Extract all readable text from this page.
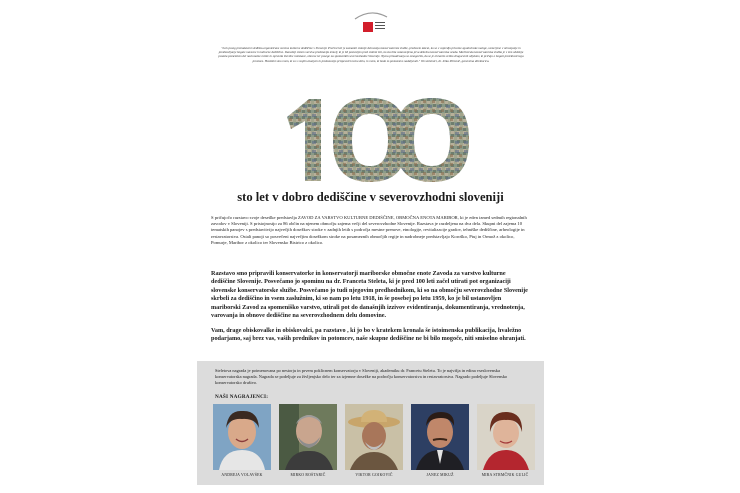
"Lets poseg premaknemi slediško-organizirane varstva kulturne dediščine v Sloveniji. Prečeni leti je zaznamil stoletje delovanja konservatorske službe, predvsem takrat, ko so v ospredju prisotne zgodovinske naloge, usmerjene v ohranjanje in predstavljanje bogate naravne in kulturne dediščine. Današnji sistem varstva predstavlja temelj, ki je bil postavljen pred stotimi leti, ko sta bila ustanovljena prva deželna konservatorska urada. Mariborska konservatorska služba je v tem obdobju postala pomemben del nacionalne mreže in opravila številne raziskave, obnove ter posege na spomenikih severovzhodne Slovenije. Njena prizadevanja so omogočila, da se je ohranilo veliko dragocenih objektov, ki pričajo o bogati preteklosti tega prostora. Hvaležni smo vsem, ki so s svojim znanjem in predanostjo prispevali k temu delu, in vsem, ki bodo to poslanstvo nadaljevali." Ob stoletnici, dr. Jelka Pirkovič, generalna direktorica.

sto let v dobro dediščine v severovzhodni sloveniji

S pričujočo razstavo svoje desetlke predstavlja ZAVOD ZA VARSTVO KULTURNE DEDIŠČINE, OBMOČNA ENOTA MARIBOR, ki je eden izmed sedmih regionalnih zavodov v Sloveniji. S pristojnostjo za 86 občin na njenem območju zajema večji del severovzhodne Slovenije. Razstava je razdeljena na dva dela. Skupni del zajema 10 tematskih panojev s predstavitvijo največjih dosežkov stroke v zadnjih letih s področja mestne prenove, etnologije, revitalizacije gradov, tehniške dediščine, arheologije in restavratorstva. Ostali panoji so posvečeni največjim dosežkom stroke na posameznih območjih regije in nadrobneje predstavljajo Koroško, Ptuj in Ormož z okolico, Pomurje, Maribor z okolico ter Slovensko Bistrico z okolico.

Razstavo smo pripravili konservatorke in konservatorji mariborske območne enote Zavoda za varstvo kulturne dediščine Slovenije. Posvečamo jo spominu na dr. Franceta Steleta, ki je pred 100 leti začel utirati pot organizaciji slovenske konservatorske službe. Posvečamo jo tudi njegovim predhodnikom, ki so na območju severovzhodne Slovenije skrbeli za dediščino in vsem zaslužnim, ki so nam po letu 1918, in še posebej po letu 1959, ko je bil ustanovljen mariborski Zavod za spomeniško varstvo, utirali pot do današnjih izzivov evidentiranja, dokumentiranja, vrednotenja, varovanja in obnove dediščine na severovzhodnem delu domovine.

Vam, drage obiskovalke in obiskovalci, pa razstavo , ki jo bo v kratekem kronala še istoimenska publikacija, hvaležno podarjamo, saj brez vas, vaših prednikov in potomcev, naše skupne dediščine ne bi bilo mogoče, niti smiselno ohranjati.

Steletova nagrada je poimenovana po nestorju in prvem poklicnem konservatorju v Sloveniji, akademiku dr. Francetu Steletu. To je najvišja in edina vseslovenska konservatorska nagrada. Nagrada se podeljuje za življenjsko delo ter za izjemne dosežke na področju konservatorstva in restavratorstva. Nagrado podeljuje Slovensko konservatorsko društvo.

NAŠI NAGRAJENCI:
ANDREJA VOLAVŠEK	MIRKO ROŠTARIČ	VIKTOR GOJKOVIČ	JANEZ MIKUŽ	MIRA STRMČNIK GULIČ
